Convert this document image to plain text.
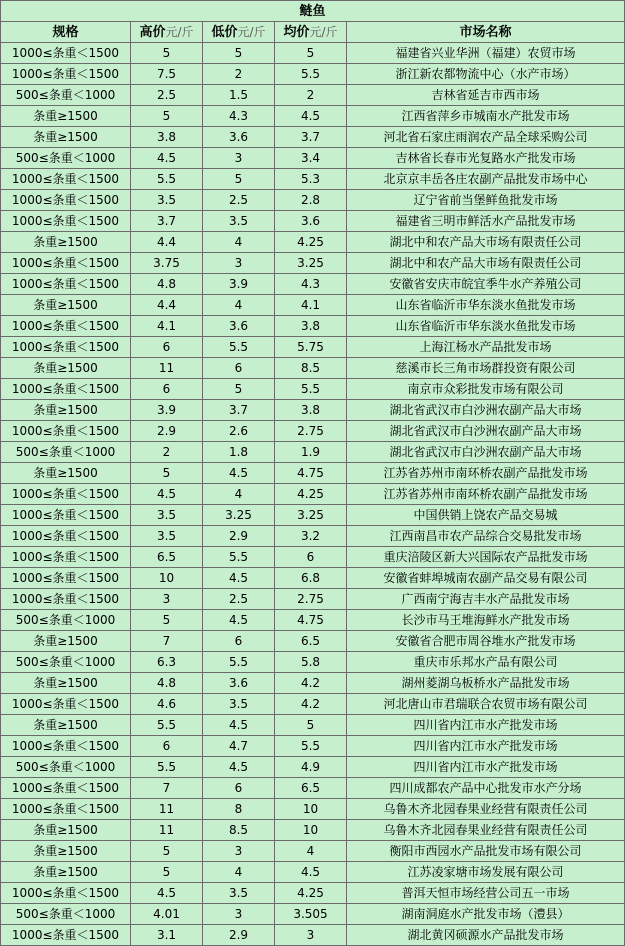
鲢鱼				
规格	高价元/斤	低价元/斤	均价元/斤	市场名称
1000≤条重＜1500	5	5	5	福建省兴业华洲（福建）农贸市场
1000≤条重＜1500	7.5	2	5.5	浙江新农都物流中心（水产市场）
500≤条重＜1000	2.5	1.5	2	吉林省延吉市西市场
条重≥1500	5	4.3	4.5	江西省萍乡市城南水产批发市场
条重≥1500	3.8	3.6	3.7	河北省石家庄雨润农产品全球采购公司
500≤条重＜1000	4.5	3	3.4	吉林省长春市光复路水产批发市场
1000≤条重＜1500	5.5	5	5.3	北京京丰岳各庄农副产品批发市场中心
1000≤条重＜1500	3.5	2.5	2.8	辽宁省前当堡鲜鱼批发市场
1000≤条重＜1500	3.7	3.5	3.6	福建省三明市鲜活水产品批发市场
条重≥1500	4.4	4	4.25	湖北中和农产品大市场有限责任公司
1000≤条重＜1500	3.75	3	3.25	湖北中和农产品大市场有限责任公司
1000≤条重＜1500	4.8	3.9	4.3	安徽省安庆市皖宜季牛水产养殖公司
条重≥1500	4.4	4	4.1	山东省临沂市华东淡水鱼批发市场
1000≤条重＜1500	4.1	3.6	3.8	山东省临沂市华东淡水鱼批发市场
1000≤条重＜1500	6	5.5	5.75	上海江杨水产品批发市场
条重≥1500	11	6	8.5	慈溪市长三角市场群投资有限公司
1000≤条重＜1500	6	5	5.5	南京市众彩批发市场有限公司
条重≥1500	3.9	3.7	3.8	湖北省武汉市白沙洲农副产品大市场
1000≤条重＜1500	2.9	2.6	2.75	湖北省武汉市白沙洲农副产品大市场
500≤条重＜1000	2	1.8	1.9	湖北省武汉市白沙洲农副产品大市场
条重≥1500	5	4.5	4.75	江苏省苏州市南环桥农副产品批发市场
1000≤条重＜1500	4.5	4	4.25	江苏省苏州市南环桥农副产品批发市场
1000≤条重＜1500	3.5	3.25	3.25	中国供销上饶农产品交易城
1000≤条重＜1500	3.5	2.9	3.2	江西南昌市农产品综合交易批发市场
1000≤条重＜1500	6.5	5.5	6	重庆涪陵区新大兴国际农产品批发市场
1000≤条重＜1500	10	4.5	6.8	安徽省蚌埠城南农副产品交易有限公司
1000≤条重＜1500	3	2.5	2.75	广西南宁海吉丰水产品批发市场
500≤条重＜1000	5	4.5	4.75	长沙市马王堆海鲜水产批发市场
条重≥1500	7	6	6.5	安徽省合肥市周谷堆水产批发市场
500≤条重＜1000	6.3	5.5	5.8	重庆市乐邦水产品有限公司
条重≥1500	4.8	3.6	4.2	湖州菱湖乌板桥水产品批发市场
1000≤条重＜1500	4.6	3.5	4.2	河北唐山市君瑞联合农贸市场有限公司
条重≥1500	5.5	4.5	5	四川省内江市水产批发市场
1000≤条重＜1500	6	4.7	5.5	四川省内江市水产批发市场
500≤条重＜1000	5.5	4.5	4.9	四川省内江市水产批发市场
1000≤条重＜1500	7	6	6.5	四川成都农产品中心批发市水产分场
1000≤条重＜1500	11	8	10	乌鲁木齐北园春果业经营有限责任公司
条重≥1500	11	8.5	10	乌鲁木齐北园春果业经营有限责任公司
条重≥1500	5	3	4	衡阳市西园水产品批发市场有限公司
条重≥1500	5	4	4.5	江苏凌家塘市场发展有限公司
1000≤条重＜1500	4.5	3.5	4.25	普洱天恒市场经营公司五一市场
500≤条重＜1000	4.01	3	3.505	湖南洞庭水产批发市场（澧县）
1000≤条重＜1500	3.1	2.9	3	湖北黄冈硕源水产品批发市场
